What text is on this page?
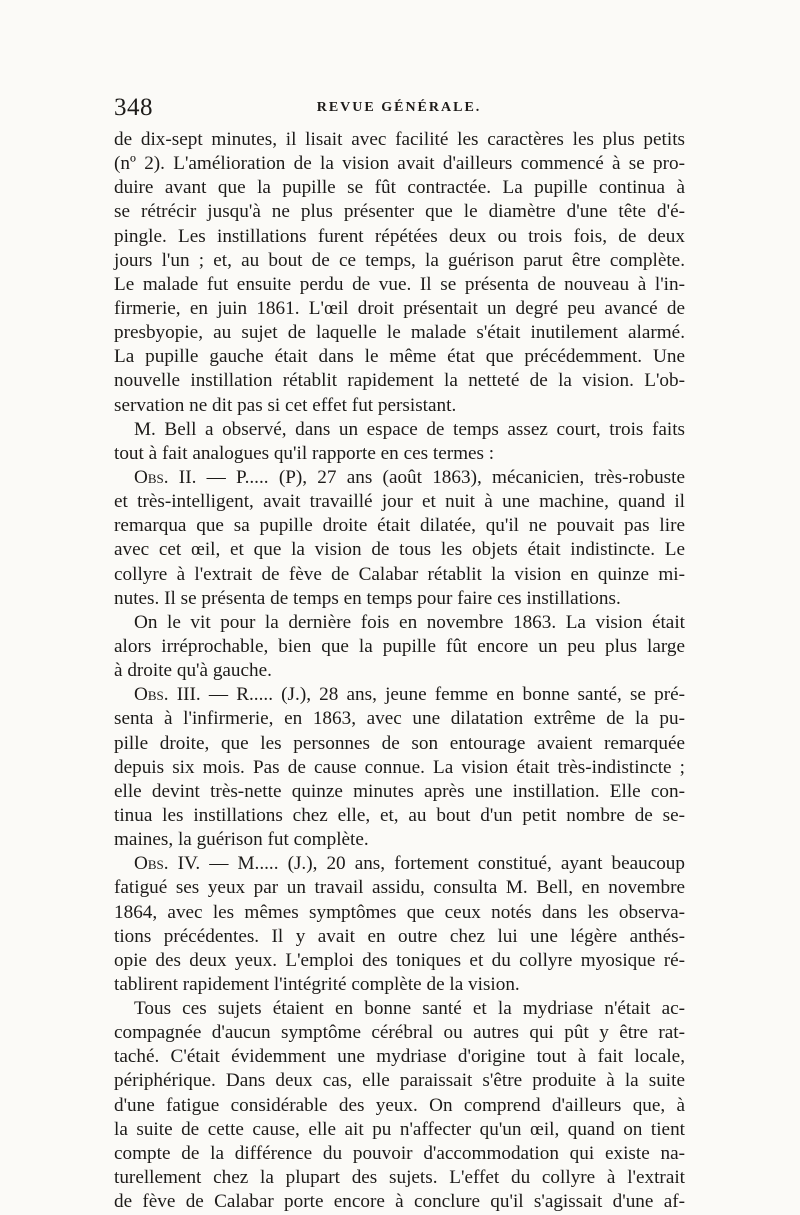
348	REVUE GÉNÉRALE.
de dix-sept minutes, il lisait avec facilité les caractères les plus petits
(nº 2). L'amélioration de la vision avait d'ailleurs commencé à se pro-
duire avant que la pupille se fût contractée. La pupille continua à
se rétrécir jusqu'à ne plus présenter que le diamètre d'une tête d'é-
pingle. Les instillations furent répétées deux ou trois fois, de deux
jours l'un ; et, au bout de ce temps, la guérison parut être complète.
Le malade fut ensuite perdu de vue. Il se présenta de nouveau à l'in-
firmerie, en juin 1861. L'œil droit présentait un degré peu avancé de
presbyopie, au sujet de laquelle le malade s'était inutilement alarmé.
La pupille gauche était dans le même état que précédemment. Une
nouvelle instillation rétablit rapidement la netteté de la vision. L'ob-
servation ne dit pas si cet effet fut persistant.
M. Bell a observé, dans un espace de temps assez court, trois faits
tout à fait analogues qu'il rapporte en ces termes :
Obs. II. — P..... (P), 27 ans (août 1863), mécanicien, très-robuste
et très-intelligent, avait travaillé jour et nuit à une machine, quand il
remarqua que sa pupille droite était dilatée, qu'il ne pouvait pas lire
avec cet œil, et que la vision de tous les objets était indistincte. Le
collyre à l'extrait de fève de Calabar rétablit la vision en quinze mi-
nutes. Il se présenta de temps en temps pour faire ces instillations.
On le vit pour la dernière fois en novembre 1863. La vision était
alors irréprochable, bien que la pupille fût encore un peu plus large
à droite qu'à gauche.
Obs. III. — R..... (J.), 28 ans, jeune femme en bonne santé, se pré-
senta à l'infirmerie, en 1863, avec une dilatation extrême de la pu-
pille droite, que les personnes de son entourage avaient remarquée
depuis six mois. Pas de cause connue. La vision était très-indistincte ;
elle devint très-nette quinze minutes après une instillation. Elle con-
tinua les instillations chez elle, et, au bout d'un petit nombre de se-
maines, la guérison fut complète.
Obs. IV. — M..... (J.), 20 ans, fortement constitué, ayant beaucoup
fatigué ses yeux par un travail assidu, consulta M. Bell, en novembre
1864, avec les mêmes symptômes que ceux notés dans les observa-
tions précédentes. Il y avait en outre chez lui une légère anthés-
opie des deux yeux. L'emploi des toniques et du collyre myosique ré-
tablirent rapidement l'intégrité complète de la vision.
Tous ces sujets étaient en bonne santé et la mydriase n'était ac-
compagnée d'aucun symptôme cérébral ou autres qui pût y être rat-
taché. C'était évidemment une mydriase d'origine tout à fait locale,
périphérique. Dans deux cas, elle paraissait s'être produite à la suite
d'une fatigue considérable des yeux. On comprend d'ailleurs que, à
la suite de cette cause, elle ait pu n'affecter qu'un œil, quand on tient
compte de la différence du pouvoir d'accommodation qui existe na-
turellement chez la plupart des sujets. L'effet du collyre à l'extrait
de fève de Calabar porte encore à conclure qu'il s'agissait d'une af-
